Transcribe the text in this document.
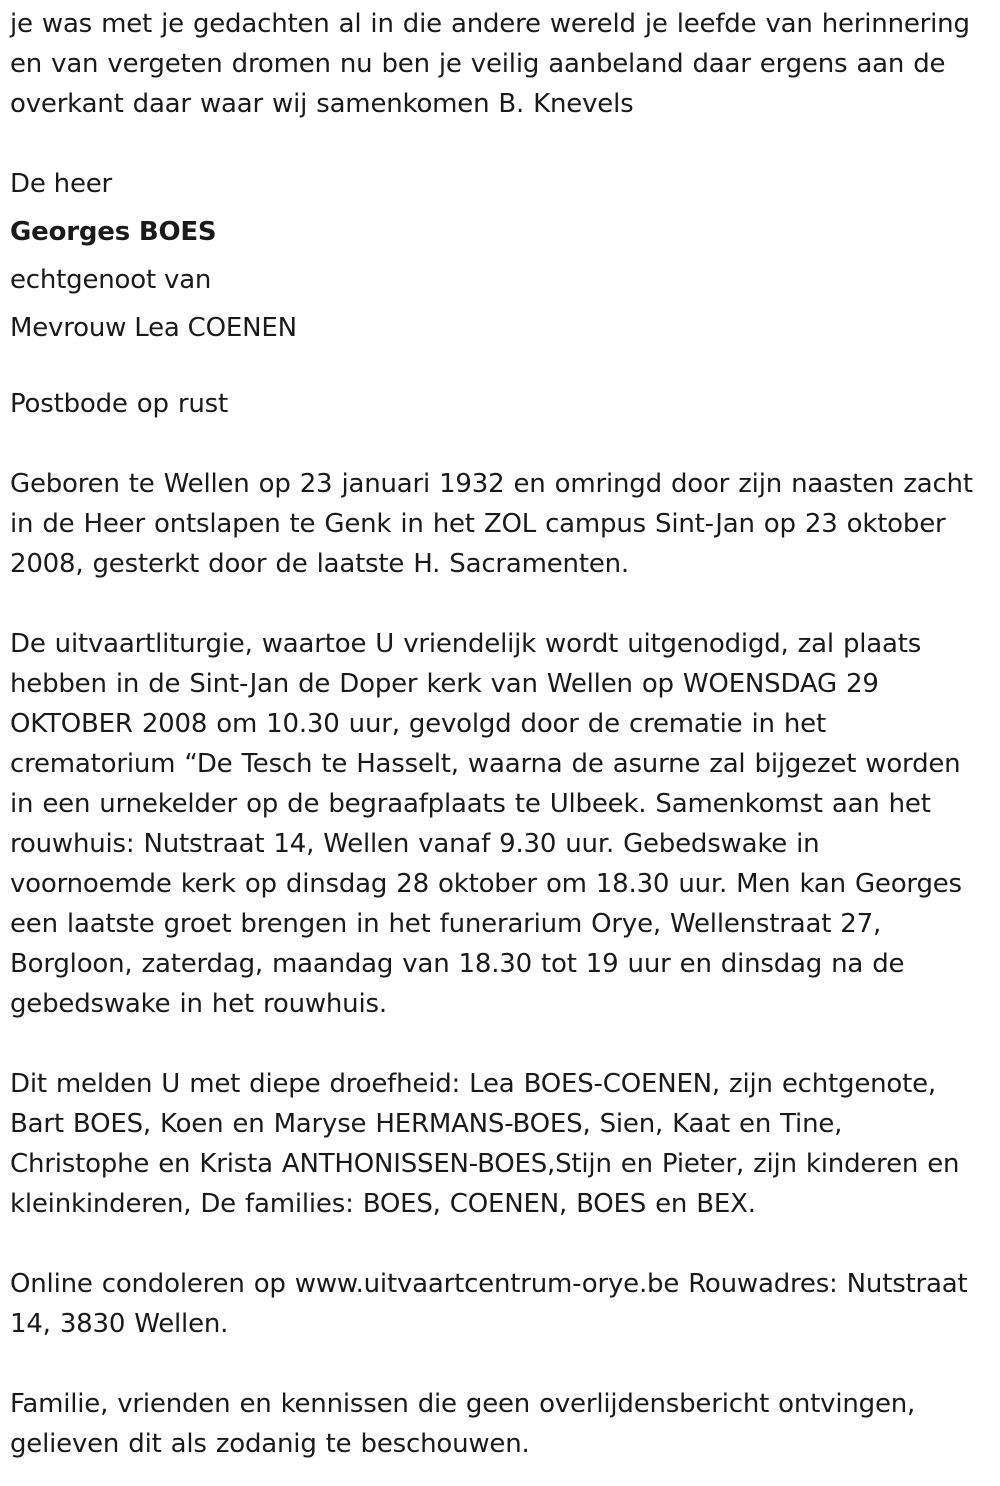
je was met je gedachten al in die andere wereld je leefde van herinnering en van vergeten dromen nu ben je veilig aanbeland daar ergens aan de overkant daar waar wij samenkomen B. Knevels

De heer

Georges BOES

echtgenoot van

Mevrouw Lea COENEN

Postbode op rust

Geboren te Wellen op 23 januari 1932 en omringd door zijn naasten zacht in de Heer ontslapen te Genk in het ZOL campus Sint-Jan op 23 oktober 2008, gesterkt door de laatste H. Sacramenten.

De uitvaartliturgie, waartoe U vriendelijk wordt uitgenodigd, zal plaats hebben in de Sint-Jan de Doper kerk van Wellen op WOENSDAG 29 OKTOBER 2008 om 10.30 uur, gevolgd door de crematie in het crematorium “De Tesch te Hasselt, waarna de asurne zal bijgezet worden in een urnekelder op de begraafplaats te Ulbeek. Samenkomst aan het rouwhuis: Nutstraat 14, Wellen vanaf 9.30 uur. Gebedswake in voornoemde kerk op dinsdag 28 oktober om 18.30 uur. Men kan Georges een laatste groet brengen in het funerarium Orye, Wellenstraat 27, Borgloon, zaterdag, maandag van 18.30 tot 19 uur en dinsdag na de gebedswake in het rouwhuis.

Dit melden U met diepe droefheid: Lea BOES-COENEN, zijn echtgenote, Bart BOES, Koen en Maryse HERMANS-BOES, Sien, Kaat en Tine, Christophe en Krista ANTHONISSEN-BOES,Stijn en Pieter, zijn kinderen en kleinkinderen, De families: BOES, COENEN, BOES en BEX.

Online condoleren op www.uitvaartcentrum-orye.be Rouwadres: Nutstraat 14, 3830 Wellen.

Familie, vrienden en kennissen die geen overlijdensbericht ontvingen, gelieven dit als zodanig te beschouwen.
